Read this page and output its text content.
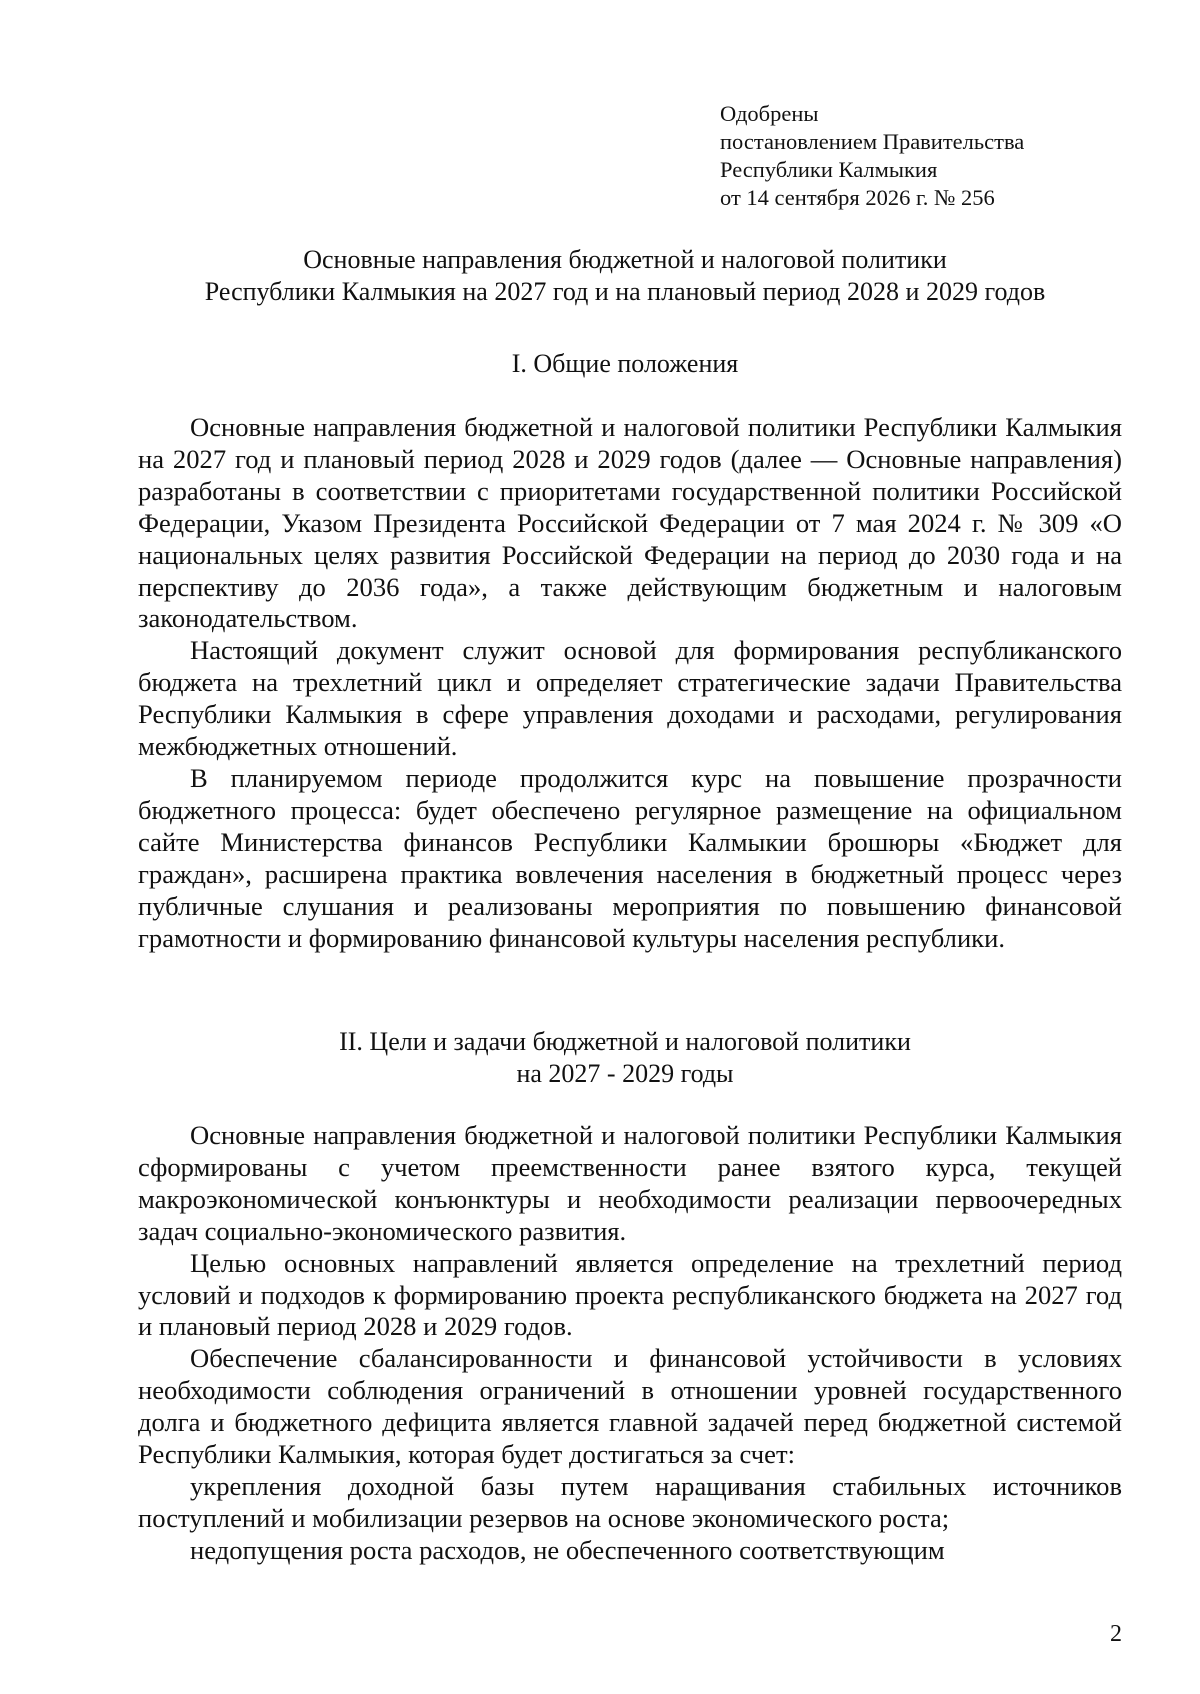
Одобрены
постановлением Правительства
Республики Калмыкия
от 14 сентября 2026 г. № 256
Основные направления бюджетной и налоговой политики
Республики Калмыкия на 2027 год и на плановый период 2028 и 2029 годов
I. Общие положения

Основные направления бюджетной и налоговой политики Республики Калмыкия на 2027 год и плановый период 2028 и 2029 годов (далее — Основные направления) разработаны в соответствии с приоритетами государственной политики Российской Федерации, Указом Президента Российской Федерации от 7 мая 2024 г. № 309 «О национальных целях развития Российской Федерации на период до 2030 года и на перспективу до 2036 года», а также действующим бюджетным и налоговым законодательством.

Настоящий документ служит основой для формирования республиканского бюджета на трехлетний цикл и определяет стратегические задачи Правительства Республики Калмыкия в сфере управления доходами и расходами, регулирования межбюджетных отношений.

В планируемом периоде продолжится курс на повышение прозрачности бюджетного процесса: будет обеспечено регулярное размещение на официальном сайте Министерства финансов Республики Калмыкии брошюры «Бюджет для граждан», расширена практика вовлечения населения в бюджетный процесс через публичные слушания и реализованы мероприятия по повышению финансовой грамотности и формированию финансовой культуры населения республики.

II. Цели и задачи бюджетной и налоговой политики
на 2027 - 2029 годы

Основные направления бюджетной и налоговой политики Республики Калмыкия сформированы с учетом преемственности ранее взятого курса, текущей макроэкономической конъюнктуры и необходимости реализации первоочередных задач социально-экономического развития.

Целью основных направлений является определение на трехлетний период условий и подходов к формированию проекта республиканского бюджета на 2027 год и плановый период 2028 и 2029 годов.

Обеспечение сбалансированности и финансовой устойчивости в условиях необходимости соблюдения ограничений в отношении уровней государственного долга и бюджетного дефицита является главной задачей перед бюджетной системой Республики Калмыкия, которая будет достигаться за счет:

укрепления доходной базы путем наращивания стабильных источников поступлений и мобилизации резервов на основе экономического роста;

недопущения роста расходов, не обеспеченного соответствующим

2
